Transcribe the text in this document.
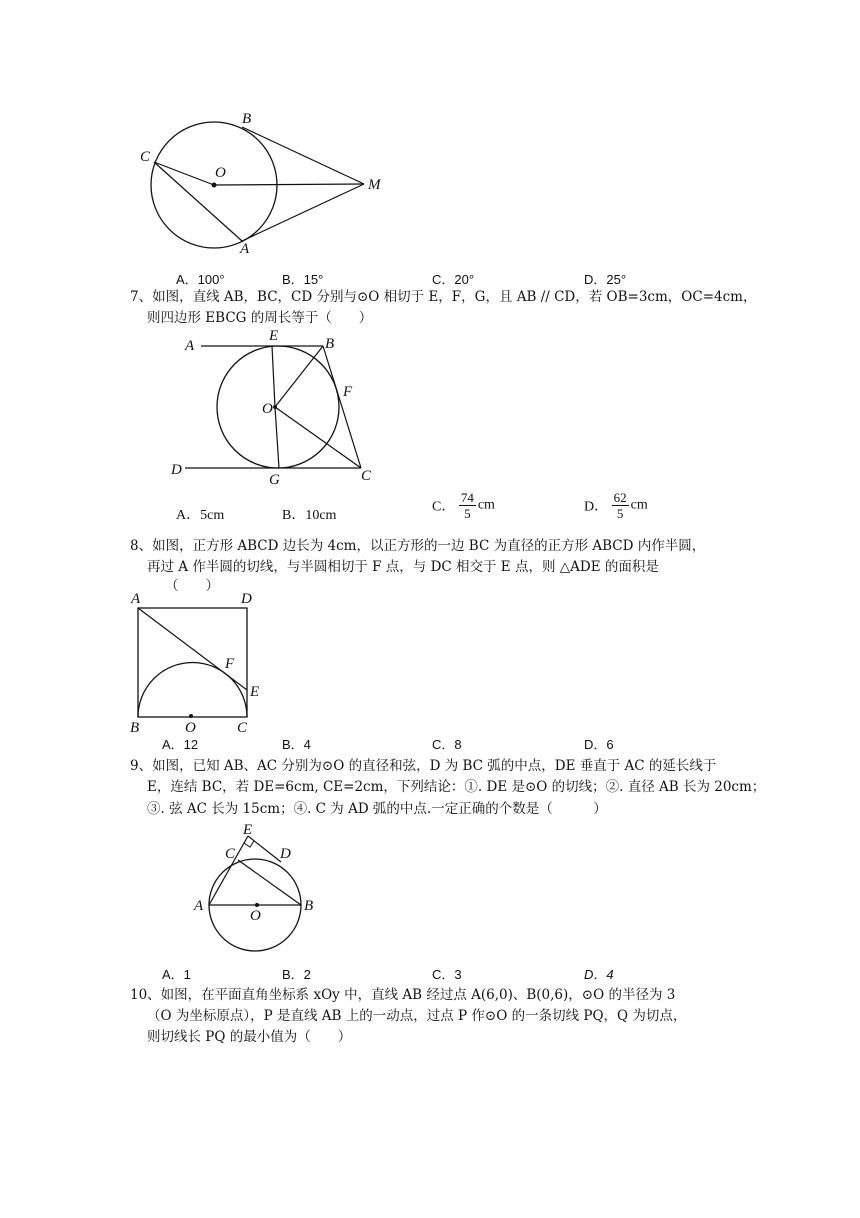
B
C
O
M
A
A．100°	B．15°	C．20°	D．25°
7、如图，直线 AB，BC，CD 分别与⊙O 相切于 E，F，G，且 AB // CD，若 OB=3cm，OC=4cm，
则四边形 EBCG 的周长等于（　　）
A
E	B
O
F
D
G	C
A．5cm	B．10cm
C． $\frac{74}{5}$ cm	D． $\frac{62}{5}$ cm
8、如图，正方形 ABCD 边长为 4cm，以正方形的一边 BC 为直径的正方形 ABCD 内作半圆，
再过 A 作半圆的切线，与半圆相切于 F 点，与 DC 相交于 E 点，则 △ADE 的面积是
（　　）
A	D
F
E
B	O	C
A．12	B．4	C．8	D．6
9、如图，已知 AB、AC 分别为⊙O 的直径和弦，D 为 BC 弧的中点，DE 垂直于 AC 的延长线于
E，连结 BC，若 DE=6cm, CE=2cm，下列结论：①. DE 是⊙O 的切线；②. 直径 AB 长为 20cm；
③. 弦 AC 长为 15cm；④. C 为 AD 弧的中点.一定正确的个数是（　　　）
E
C	D
A
O
B
A．1	B．2	C．3	D．4
10、如图，在平面直角坐标系 xOy 中，直线 AB 经过点 A(6,0)、B(0,6)，⊙O 的半径为 3
（O 为坐标原点），P 是直线 AB 上的一动点，过点 P 作⊙O 的一条切线 PQ，Q 为切点，
则切线长 PQ 的最小值为（　　）
